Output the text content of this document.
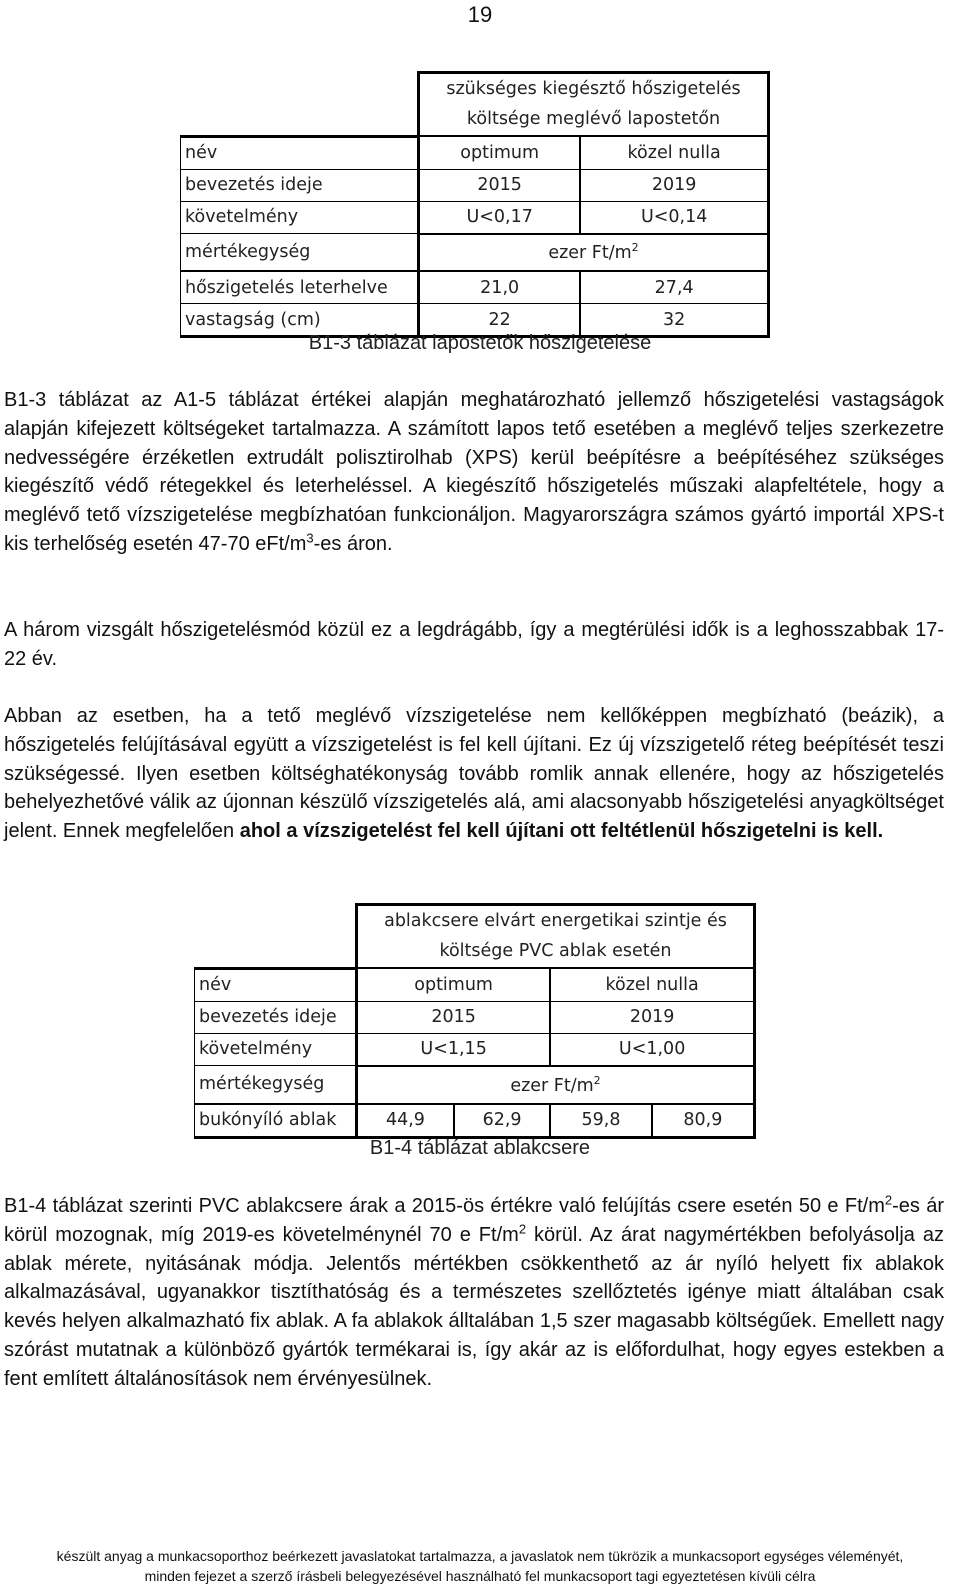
19
	szükséges kiegésztő hőszigetelés	
	költsége meglévő lapostetőn	
név	optimum	közel nulla
bevezetés ideje	2015	2019
követelmény	U<0,17	U<0,14
mértékegység	ezer $Ft/m^2$
hőszigetelés leterhelve	21,0	27,4
vastagság (cm)	22	32
B1-3 táblázat lapostetők hőszigetelése
B1-3 táblázat az A1-5 táblázat értékei alapján meghatározható jellemző hőszigetelési vastagságok alapján kifejezett költségeket tartalmazza. A számított lapos tető esetében a meglévő teljes szerkezetre nedvességére érzéketlen extrudált polisztirolhab (XPS) kerül beépítésre a beépítéséhez szükséges kiegészítő védő rétegekkel és leterheléssel. A kiegészítő hőszigetelés műszaki alapfeltétele, hogy a meglévő tető vízszigetelése megbízhatóan funkcionáljon. Magyarországra számos gyártó importál XPS-t kis terhelőség esetén 47-70 eFt/$m^3-es$ áron.
A három vizsgált hőszigetelésmód közül ez a legdrágább, így a megtérülési idők is a leghosszabbak 17-22 év.
Abban az esetben, ha a tető meglévő vízszigetelése nem kellőképpen megbízható (beázik), a hőszigetelés felújításával együtt a vízszigetelést is fel kell újítani. Ez új vízszigetelő réteg beépítését teszi szükségessé. Ilyen esetben költséghatékonyság tovább romlik annak ellenére, hogy az hőszigetelés behelyezhetővé válik az újonnan készülő vízszigetelés alá, ami alacsonyabb hőszigetelési anyagköltséget jelent. Ennek megfelelően ahol a vízszigetelést fel kell újítani ott feltétlenül hőszigetelni is kell.
	ablakcsere elvárt energetikai szintje és			
	költsége PVC ablak esetén			
név	optimum		közel nulla	
bevezetés ideje	2015		2019	
követelmény	U<1,15		U<1,00	
mértékegység	ezer $Ft/m^2$
bukónyíló ablak	44,9	62,9	59,8	80,9
B1-4 táblázat ablakcsere
B1-4 táblázat szerinti PVC ablakcsere árak a 2015-ös értékre való felújítás csere esetén 50 e $Ft/m^2-es$ ár körül mozognak, míg 2019-es követelménynél 70 e $Ft/m^2$ körül. Az árat nagymértékben befolyásolja az ablak mérete, nyitásának módja. Jelentős mértékben csökkenthető az ár nyíló helyett fix ablakok alkalmazásával, ugyanakkor tisztíthatóság és a természetes szellőztetés igénye miatt általában csak kevés helyen alkalmazható fix ablak. A fa ablakok álltalában 1,5 szer magasabb költségűek. Emellett nagy szórást mutatnak a különböző gyártók termékarai is, így akár az is előfordulhat, hogy egyes estekben a fent említett általánosítások nem érvényesülnek.
készült anyag a munkacsoporthoz beérkezett javaslatokat tartalmazza, a javaslatok nem tükrözik a munkacsoport egységes véleményét,
minden fejezet a szerző írásbeli belegyezésével használható fel munkacsoport tagi egyeztetésen kívüli célra
